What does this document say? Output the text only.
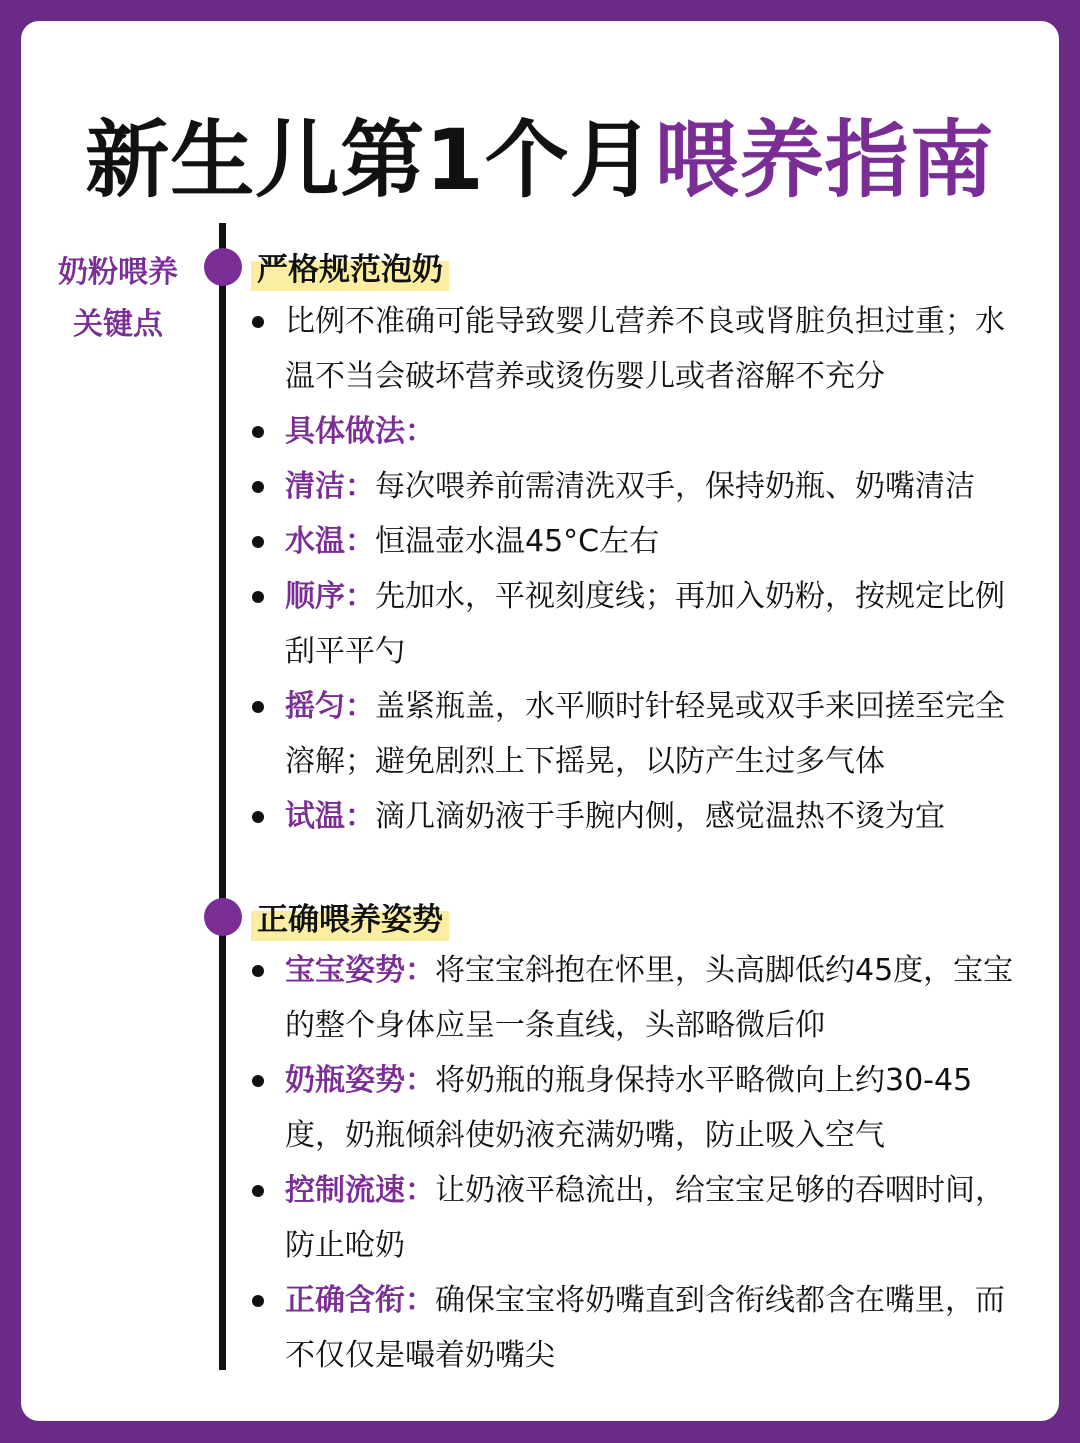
新生儿第1个月喂养指南
奶粉喂养
关键点
严格规范泡奶
比例不准确可能导致婴儿营养不良或肾脏负担过重；水温不当会破坏营养或烫伤婴儿或者溶解不充分
具体做法：
清洁：每次喂养前需清洗双手，保持奶瓶、奶嘴清洁
水温：恒温壶水温45°C左右
顺序：先加水，平视刻度线；再加入奶粉，按规定比例刮平平勺
摇匀：盖紧瓶盖，水平顺时针轻晃或双手来回搓至完全溶解；避免剧烈上下摇晃，以防产生过多气体
试温：滴几滴奶液于手腕内侧，感觉温热不烫为宜
正确喂养姿势
宝宝姿势：将宝宝斜抱在怀里，头高脚低约45度，宝宝的整个身体应呈一条直线，头部略微后仰
奶瓶姿势：将奶瓶的瓶身保持水平略微向上约30-45度，奶瓶倾斜使奶液充满奶嘴，防止吸入空气
控制流速：让奶液平稳流出，给宝宝足够的吞咽时间，防止呛奶
正确含衔：确保宝宝将奶嘴直到含衔线都含在嘴里，而不仅仅是嘬着奶嘴尖
